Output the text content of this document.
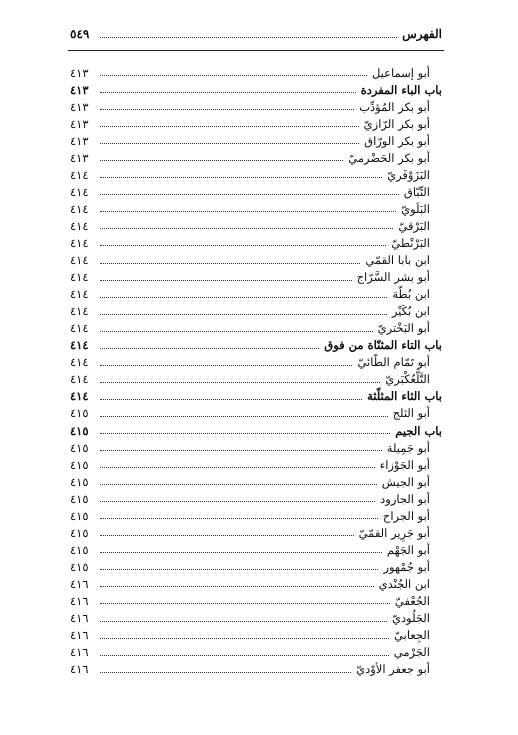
الفهرس
٥٤٩
أبو إسماعيل
٤١٣
باب الباء المفردة
٤١٣
أبو بكر المُؤدِّب
٤١٣
أبو بكر الرّازيّ
٤١٣
أبو بكر الورّاق
٤١٣
أبو بكر الحَضْرميّ
٤١٣
البَزَوْفَريّ
٤١٤
التِّبّاق
٤١٤
البَلَويّ
٤١٤
البَرْقيّ
٤١٤
البَرْنْطيّ
٤١٤
ابن بابا القمّي
٤١٤
أبو بشر السَّرّاج
٤١٤
ابن بُطّة
٤١٤
ابن بُكَيْر
٤١٤
أبو البَخْتريّ
٤١٤
باب التاء المثنّاة من فوق
٤١٤
أبو تَمّام الطّائيّ
٤١٤
التَّلَّعُكْبَريّ
٤١٤
باب الثاء المثلّثة
٤١٤
أبو الثلج
٤١٥
باب الجيم
٤١٥
أبو جَمِيلة
٤١٥
أبو الجَوْزاء
٤١٥
أبو الجيش
٤١٥
أبو الجارود
٤١٥
أبو الجراح
٤١٥
أبو جَرِير القمّيّ
٤١٥
أبو الجَهْم
٤١٥
أبو جُمْهور
٤١٥
ابن الجُنْدي
٤١٦
الجُعْفيّ
٤١٦
الجَلُوديّ
٤١٦
الجِعابيّ
٤١٦
الجَرْمي
٤١٦
أبو جعفر الأوْديّ
٤١٦
